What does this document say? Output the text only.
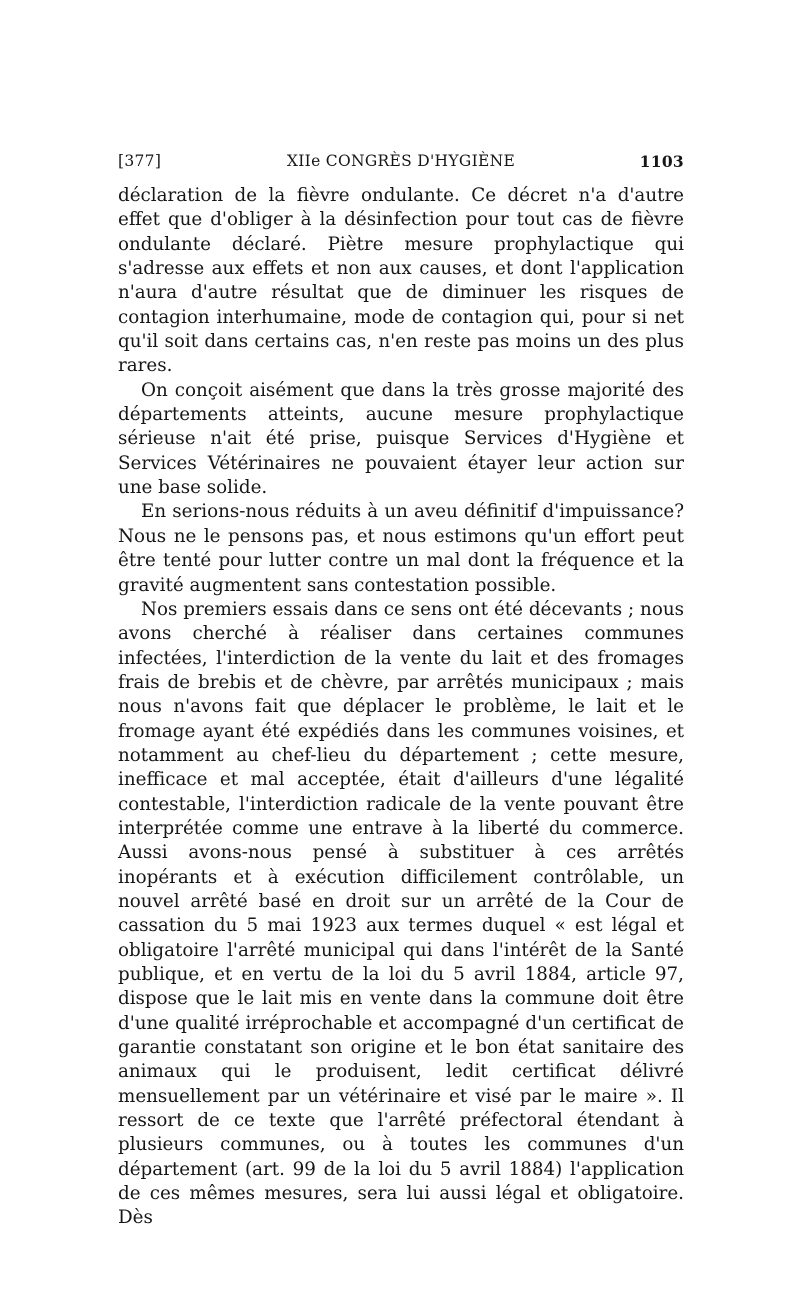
[377]	XIIe CONGRÈS D'HYGIÈNE	1103

déclaration de la fièvre ondulante. Ce décret n'a d'autre effet que d'obliger à la désinfection pour tout cas de fièvre ondulante déclaré. Piètre mesure prophylactique qui s'adresse aux effets et non aux causes, et dont l'application n'aura d'autre résultat que de diminuer les risques de contagion interhumaine, mode de contagion qui, pour si net qu'il soit dans certains cas, n'en reste pas moins un des plus rares.

On conçoit aisément que dans la très grosse majorité des départements atteints, aucune mesure prophylactique sérieuse n'ait été prise, puisque Services d'Hygiène et Services Vétérinaires ne pouvaient étayer leur action sur une base solide.

En serions-nous réduits à un aveu définitif d'impuissance? Nous ne le pensons pas, et nous estimons qu'un effort peut être tenté pour lutter contre un mal dont la fréquence et la gravité augmentent sans contestation possible.

Nos premiers essais dans ce sens ont été décevants ; nous avons cherché à réaliser dans certaines communes infectées, l'interdiction de la vente du lait et des fromages frais de brebis et de chèvre, par arrêtés municipaux ; mais nous n'avons fait que déplacer le problème, le lait et le fromage ayant été expédiés dans les communes voisines, et notamment au chef-lieu du département ; cette mesure, inefficace et mal acceptée, était d'ailleurs d'une légalité contestable, l'interdiction radicale de la vente pouvant être interprétée comme une entrave à la liberté du commerce. Aussi avons-nous pensé à substituer à ces arrêtés inopérants et à exécution difficilement contrôlable, un nouvel arrêté basé en droit sur un arrêté de la Cour de cassation du 5 mai 1923 aux termes duquel « est légal et obligatoire l'arrêté municipal qui dans l'intérêt de la Santé publique, et en vertu de la loi du 5 avril 1884, article 97, dispose que le lait mis en vente dans la commune doit être d'une qualité irréprochable et accompagné d'un certificat de garantie constatant son origine et le bon état sanitaire des animaux qui le produisent, ledit certificat délivré mensuellement par un vétérinaire et visé par le maire ». Il ressort de ce texte que l'arrêté préfectoral étendant à plusieurs communes, ou à toutes les communes d'un département (art. 99 de la loi du 5 avril 1884) l'application de ces mêmes mesures, sera lui aussi légal et obligatoire. Dès
